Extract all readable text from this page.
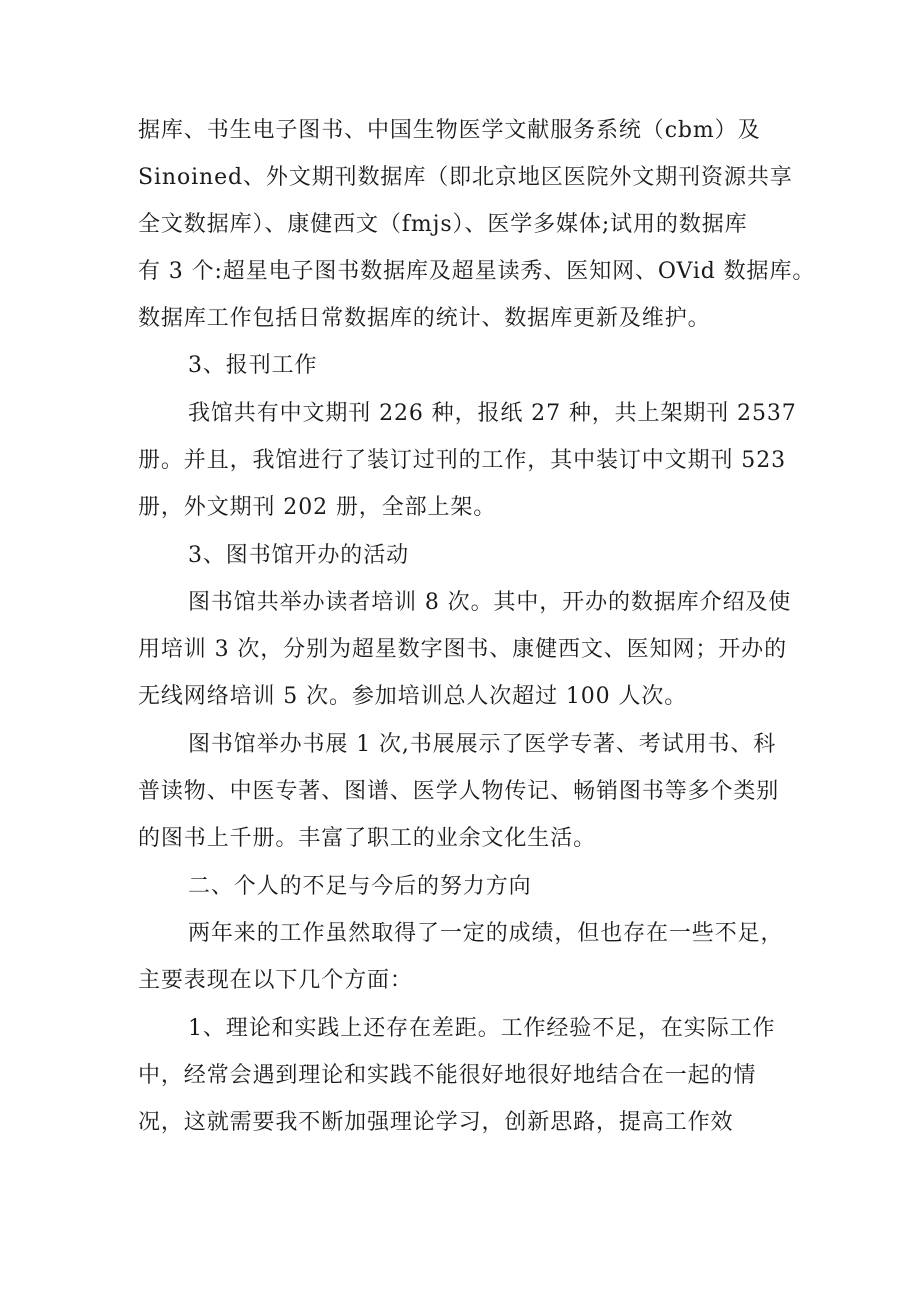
据库、书生电子图书、中国生物医学文献服务系统（cbm）及
Sinoined、外文期刊数据库（即北京地区医院外文期刊资源共享
全文数据库）、康健西文（fmjs）、医学多媒体;试用的数据库
有 3 个:超星电子图书数据库及超星读秀、医知网、OVid 数据库。
数据库工作包括日常数据库的统计、数据库更新及维护。
3、报刊工作
我馆共有中文期刊 226 种，报纸 27 种，共上架期刊 2537
册。并且，我馆进行了装订过刊的工作，其中装订中文期刊 523
册，外文期刊 202 册，全部上架。
3、图书馆开办的活动
图书馆共举办读者培训 8 次。其中，开办的数据库介绍及使
用培训 3 次，分别为超星数字图书、康健西文、医知网；开办的
无线网络培训 5 次。参加培训总人次超过 100 人次。
图书馆举办书展 1 次,书展展示了医学专著、考试用书、科
普读物、中医专著、图谱、医学人物传记、畅销图书等多个类别
的图书上千册。丰富了职工的业余文化生活。
二、个人的不足与今后的努力方向
两年来的工作虽然取得了一定的成绩，但也存在一些不足，
主要表现在以下几个方面：
1、理论和实践上还存在差距。工作经验不足，在实际工作
中，经常会遇到理论和实践不能很好地很好地结合在一起的情
况，这就需要我不断加强理论学习，创新思路，提高工作效
